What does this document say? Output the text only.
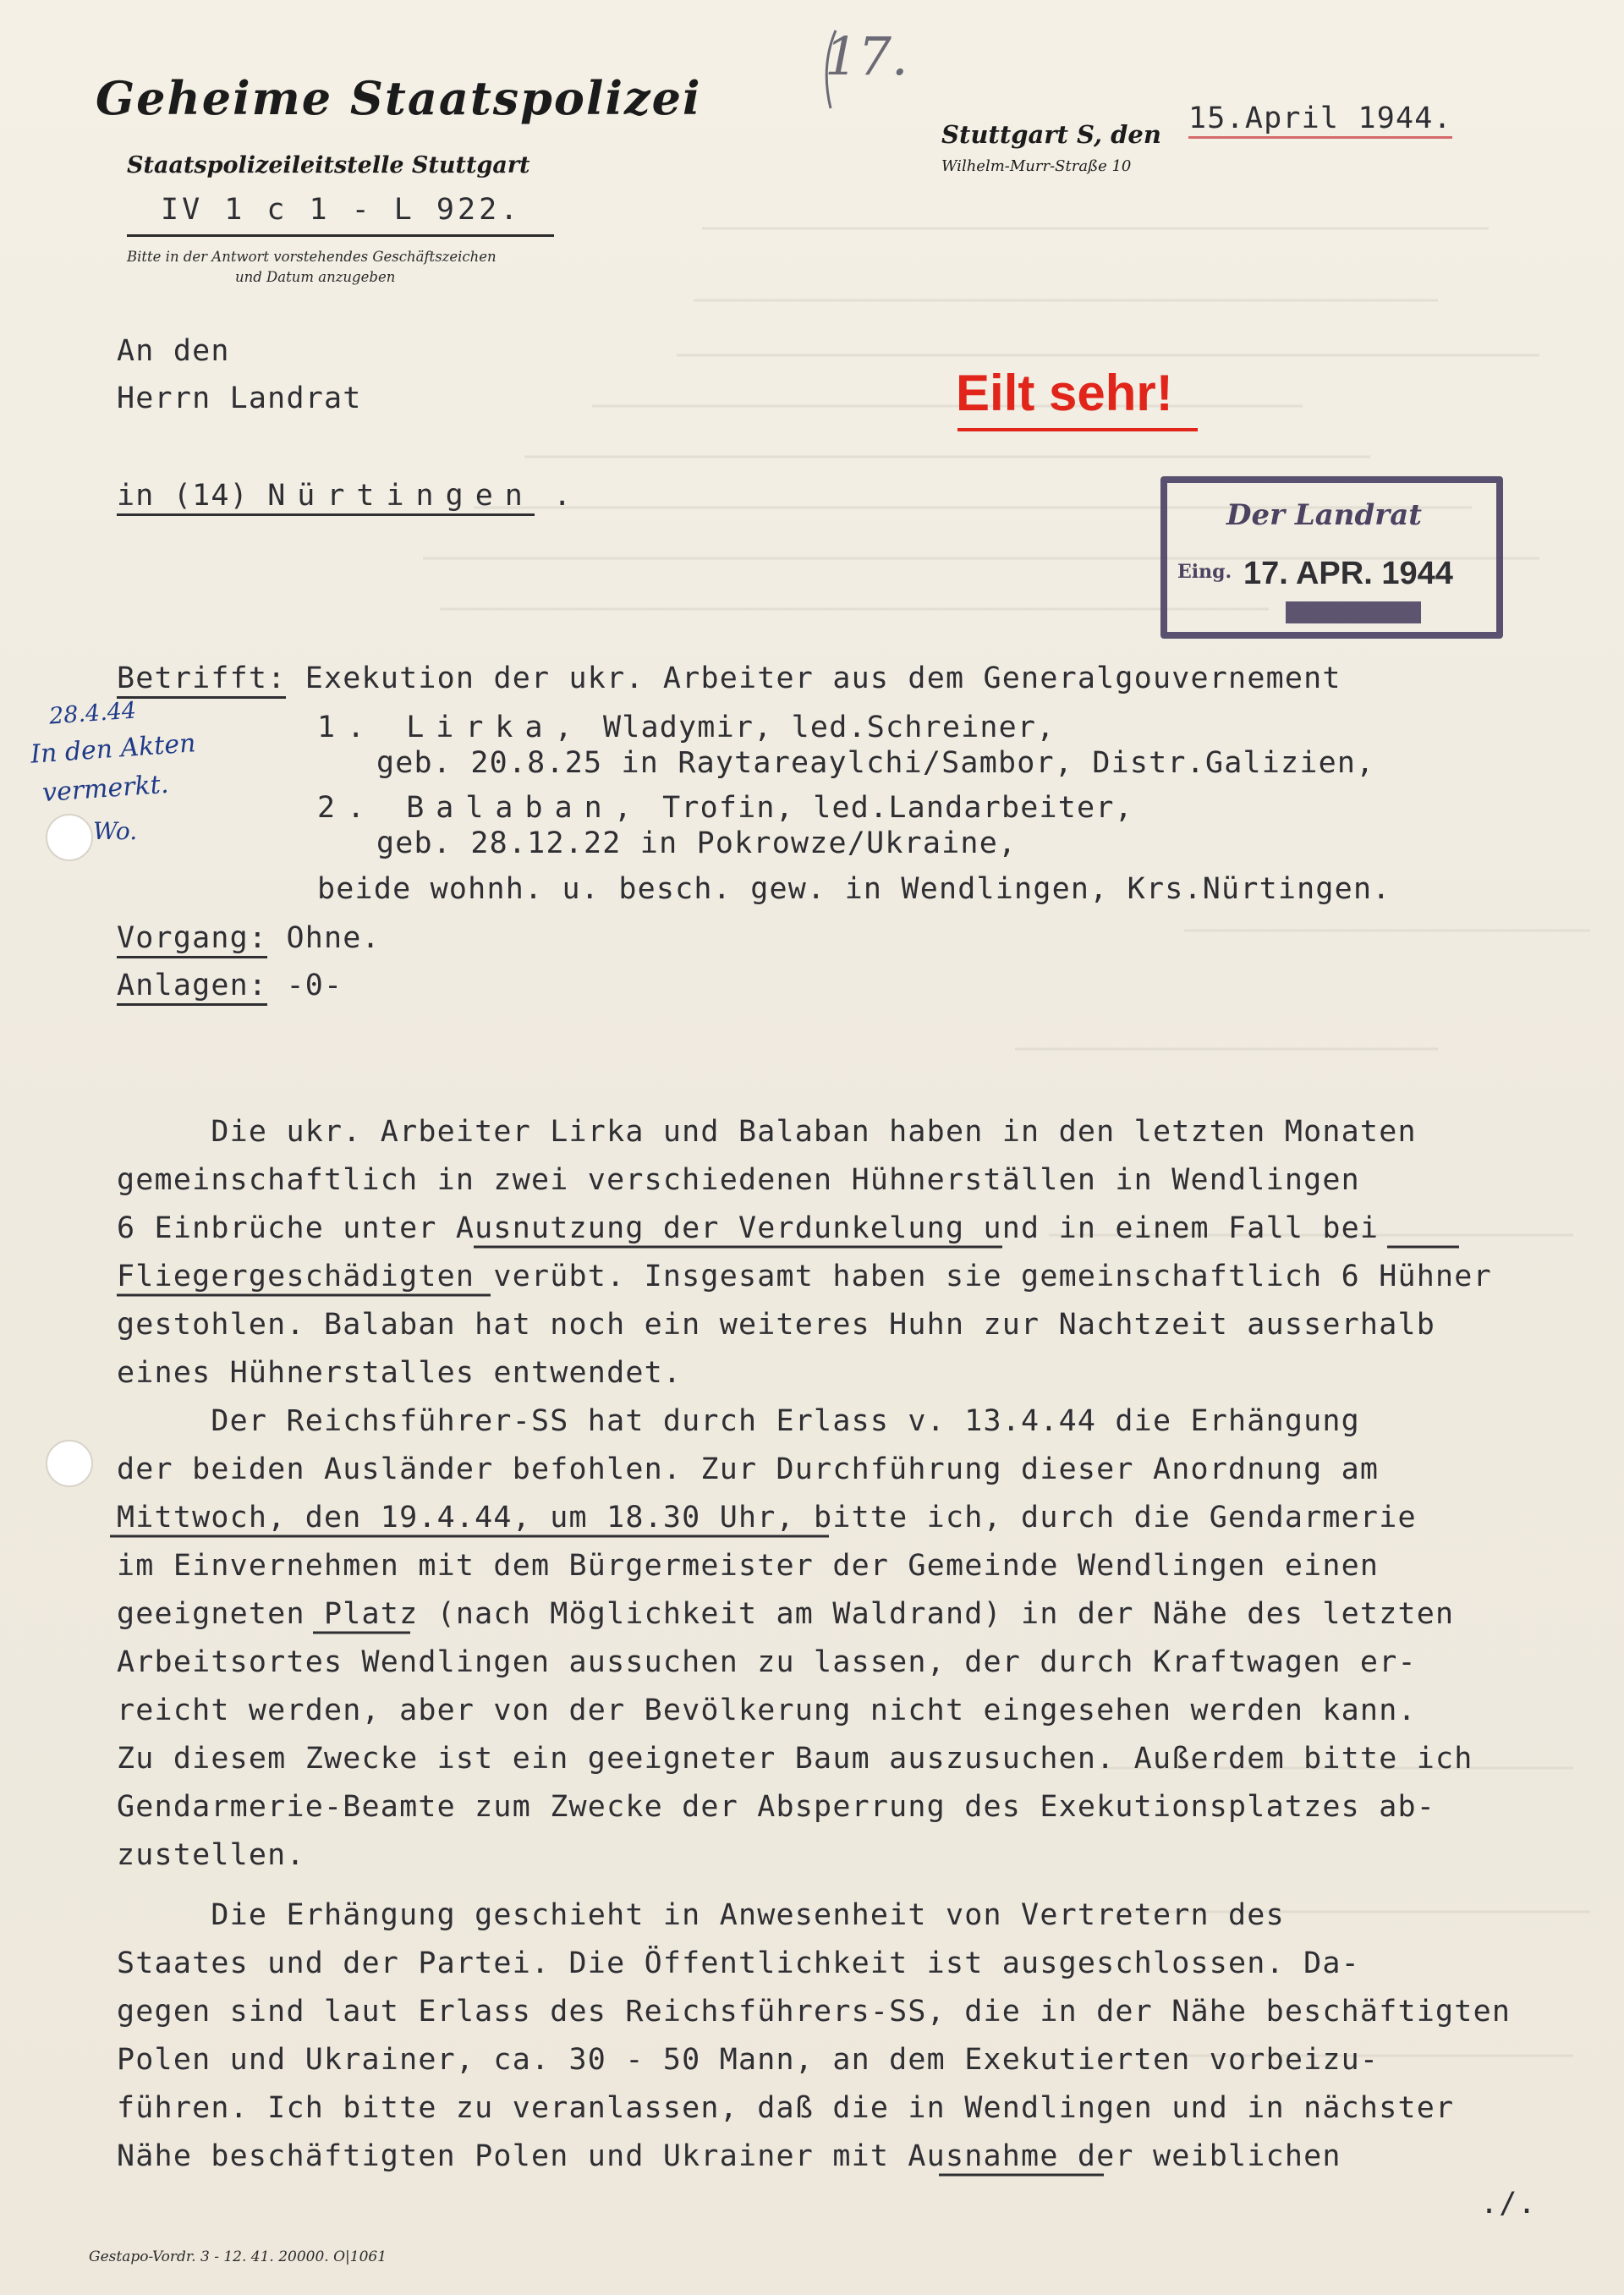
Geheime Staatspolizei
Staatspolizeileitstelle Stuttgart
IV 1 c 1 - L 922.
Bitte in der Antwort vorstehendes Geschäftszeichen
und Datum anzugeben
Stuttgart S, den
Wilhelm-Murr-Straße 10
15.April 1944.
17.
An den
Herrn Landrat
in (14) Nürtingen .
Eilt sehr!

Der Landrat

Eing.

17. APR. 1944

28.4.44
In den Akten
vermerkt.
Wo.
Betrifft: Exekution der ukr. Arbeiter aus dem Generalgouvernement
1. Lirka, Wladymir, led.Schreiner,
geb. 20.8.25 in Raytareaylchi/Sambor, Distr.Galizien,
2. Balaban, Trofin, led.Landarbeiter,
geb. 28.12.22 in Pokrowze/Ukraine,
beide wohnh. u. besch. gew. in Wendlingen, Krs.Nürtingen.
Vorgang: Ohne.
Anlagen: -0-
Die ukr. Arbeiter Lirka und Balaban haben in den letzten Monaten
gemeinschaftlich in zwei verschiedenen Hühnerställen in Wendlingen
6 Einbrüche unter Ausnutzung der Verdunkelung und in einem Fall bei
Fliegergeschädigten verübt. Insgesamt haben sie gemeinschaftlich 6 Hühner
gestohlen. Balaban hat noch ein weiteres Huhn zur Nachtzeit ausserhalb
eines Hühnerstalles entwendet.
Der Reichsführer-SS hat durch Erlass v. 13.4.44 die Erhängung
der beiden Ausländer befohlen. Zur Durchführung dieser Anordnung am
Mittwoch, den 19.4.44, um 18.30 Uhr, bitte ich, durch die Gendarmerie
im Einvernehmen mit dem Bürgermeister der Gemeinde Wendlingen einen
geeigneten Platz (nach Möglichkeit am Waldrand) in der Nähe des letzten
Arbeitsortes Wendlingen aussuchen zu lassen, der durch Kraftwagen er-
reicht werden, aber von der Bevölkerung nicht eingesehen werden kann.
Zu diesem Zwecke ist ein geeigneter Baum auszusuchen. Außerdem bitte ich
Gendarmerie-Beamte zum Zwecke der Absperrung des Exekutionsplatzes ab-
zustellen.
Die Erhängung geschieht in Anwesenheit von Vertretern des
Staates und der Partei. Die Öffentlichkeit ist ausgeschlossen. Da-
gegen sind laut Erlass des Reichsführers-SS, die in der Nähe beschäftigten
Polen und Ukrainer, ca. 30 - 50 Mann, an dem Exekutierten vorbeizu-
führen. Ich bitte zu veranlassen, daß die in Wendlingen und in nächster
Nähe beschäftigten Polen und Ukrainer mit Ausnahme der weiblichen
./.
Gestapo-Vordr. 3 - 12. 41. 20000. O|1061
